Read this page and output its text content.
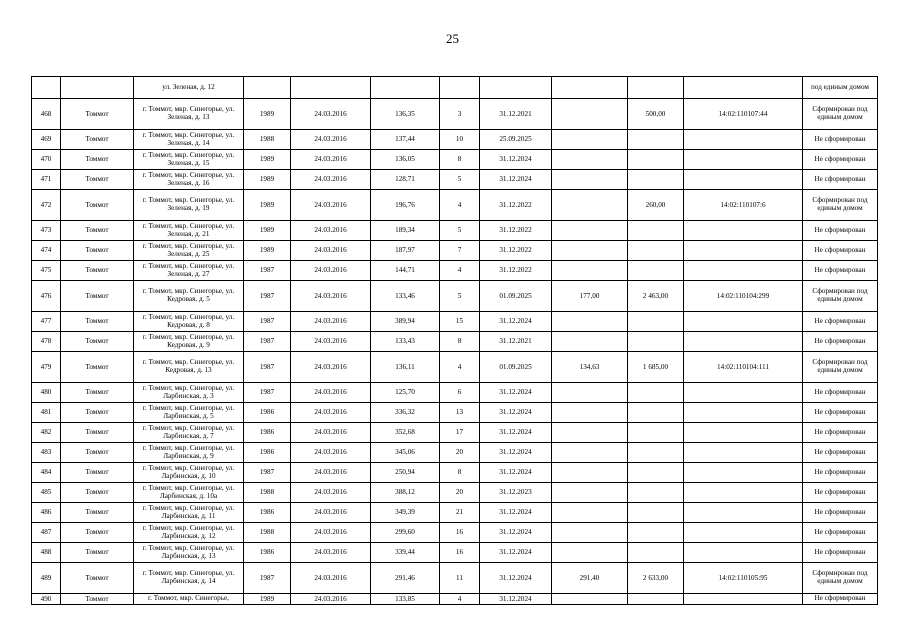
25
		ул. Зеленая, д. 12									под единым домом
468	Томмот	г. Томмот, мкр. Синегорье, ул. Зеленая, д. 13	1989	24.03.2016	136,35	3	31.12.2021		500,00	14:02:110107:44	Сформирован под единым домом
469	Томмот	г. Томмот, мкр. Синегорье, ул. Зеленая, д. 14	1988	24.03.2016	137,44	10	25.09.2025				Не сформирован
470	Томмот	г. Томмот, мкр. Синегорье, ул. Зеленая, д. 15	1989	24.03.2016	136,05	8	31.12.2024				Не сформирован
471	Томмот	г. Томмот, мкр. Синегорье, ул. Зеленая, д. 16	1989	24.03.2016	128,71	5	31.12.2024				Не сформирован
472	Томмот	г. Томмот, мкр. Синегорье, ул. Зеленая, д. 19	1989	24.03.2016	196,76	4	31.12.2022		260,00	14:02:110107:6	Сформирован под единым домом
473	Томмот	г. Томмот, мкр. Синегорье, ул. Зеленая, д. 21	1989	24.03.2016	189,34	5	31.12.2022				Не сформирован
474	Томмот	г. Томмот, мкр. Синегорье, ул. Зеленая, д. 25	1989	24.03.2016	187,97	7	31.12.2022				Не сформирован
475	Томмот	г. Томмот, мкр. Синегорье, ул. Зеленая, д. 27	1987	24.03.2016	144,71	4	31.12.2022				Не сформирован
476	Томмот	г. Томмот, мкр. Синегорье, ул. Кедровая, д. 5	1987	24.03.2016	133,46	5	01.09.2025	177,00	2 463,00	14:02:110104:299	Сформирован под единым домом
477	Томмот	г. Томмот, мкр. Синегорье, ул. Кедровая, д. 8	1987	24.03.2016	389,94	15	31.12.2024				Не сформирован
478	Томмот	г. Томмот, мкр. Синегорье, ул. Кедровая, д. 9	1987	24.03.2016	133,43	8	31.12.2021				Не сформирован
479	Томмот	г. Томмот, мкр. Синегорье, ул. Кедровая, д. 13	1987	24.03.2016	136,11	4	01.09.2025	134,63	1 685,00	14:02:110104:111	Сформирован под единым домом
480	Томмот	г. Томмот, мкр. Синегорье, ул. Ларбинская, д. 3	1987	24.03.2016	125,70	6	31.12.2024				Не сформирован
481	Томмот	г. Томмот, мкр. Синегорье, ул. Ларбинская, д. 5	1986	24.03.2016	336,32	13	31.12.2024				Не сформирован
482	Томмот	г. Томмот, мкр. Синегорье, ул. Ларбинская, д. 7	1986	24.03.2016	352,68	17	31.12.2024				Не сформирован
483	Томмот	г. Томмот, мкр. Синегорье, ул. Ларбинская, д. 9	1986	24.03.2016	345,06	20	31.12.2024				Не сформирован
484	Томмот	г. Томмот, мкр. Синегорье, ул. Ларбинская, д. 10	1987	24.03.2016	250,94	8	31.12.2024				Не сформирован
485	Томмот	г. Томмот, мкр. Синегорье, ул. Ларбинская, д. 10а	1988	24.03.2016	388,12	20	31.12.2023				Не сформирован
486	Томмот	г. Томмот, мкр. Синегорье, ул. Ларбинская, д. 11	1986	24.03.2016	349,39	21	31.12.2024				Не сформирован
487	Томмот	г. Томмот, мкр. Синегорье, ул. Ларбинская, д. 12	1988	24.03.2016	299,60	16	31.12.2024				Не сформирован
488	Томмот	г. Томмот, мкр. Синегорье, ул. Ларбинская, д. 13	1986	24.03.2016	339,44	16	31.12.2024				Не сформирован
489	Томмот	г. Томмот, мкр. Синегорье, ул. Ларбинская, д. 14	1987	24.03.2016	291,46	11	31.12.2024	291,40	2 633,00	14:02:110105:95	Сформирован под единым домом
490	Томмот	г. Томмот, мкр. Синегорье,	1989	24.03.2016	133,85	4	31.12.2024				Не сформирован
